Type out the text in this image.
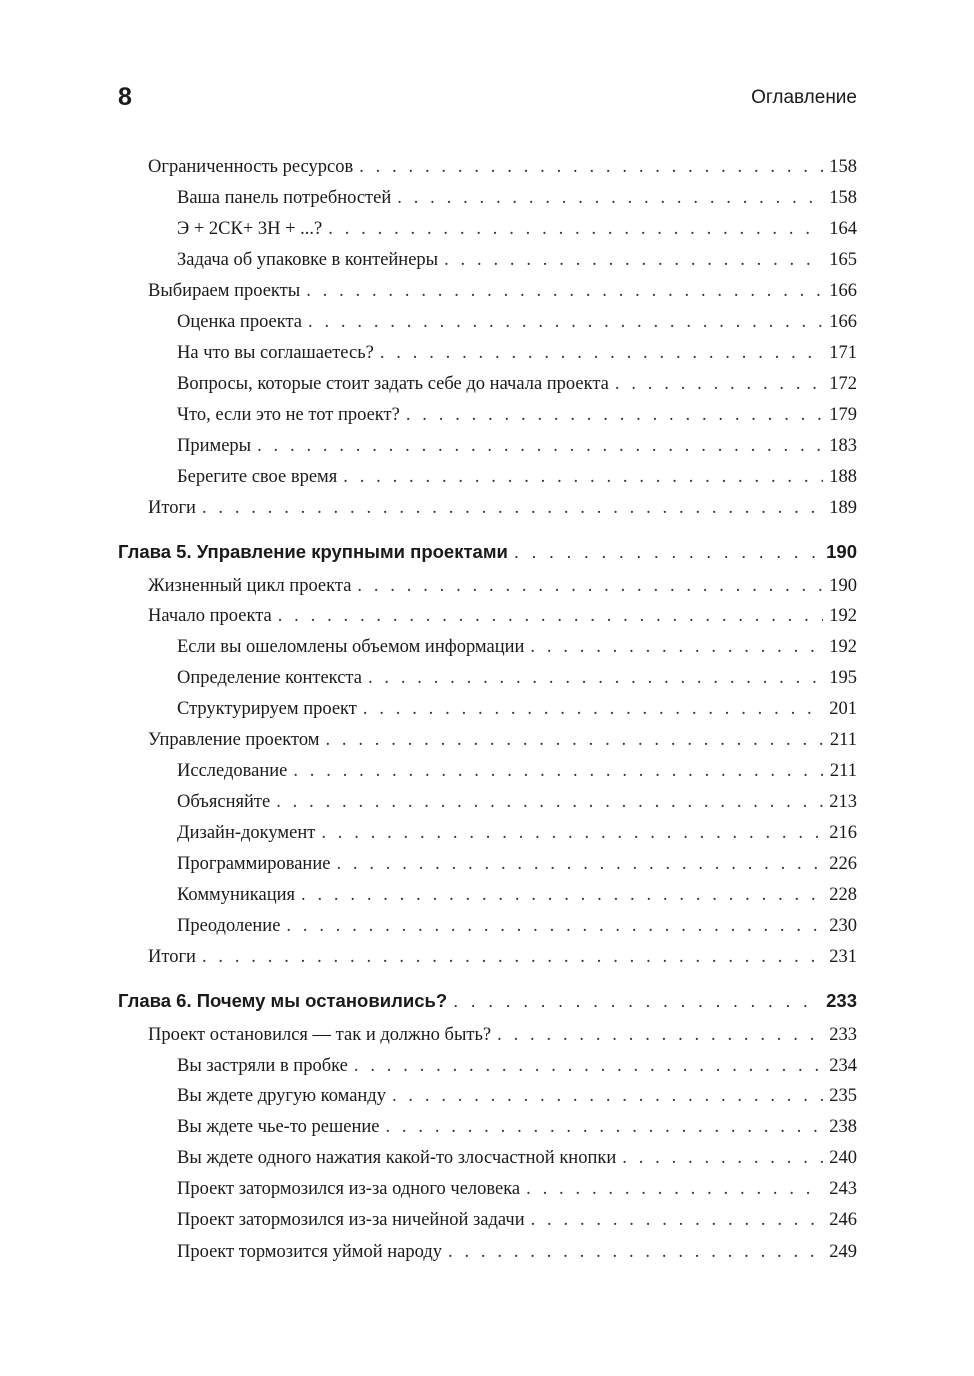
8	Оглавление
Ограниченность ресурсов . . .	158
Ваша панель потребностей . . .	158
Э + 2СК+ 3Н + ...? . . .	164
Задача об упаковке в контейнеры . . .	165
Выбираем проекты . . .	166
Оценка проекта . . .	166
На что вы соглашаетесь? . . .	171
Вопросы, которые стоит задать себе до начала проекта . . .	172
Что, если это не тот проект? . . .	179
Примеры . . .	183
Берегите свое время . . .	188
Итоги . . .	189
Глава 5. Управление крупными проектами . . .	190
Жизненный цикл проекта . . .	190
Начало проекта . . .	192
Если вы ошеломлены объемом информации . . .	192
Определение контекста . . .	195
Структурируем проект . . .	201
Управление проектом . . .	211
Исследование . . .	211
Объясняйте . . .	213
Дизайн-документ . . .	216
Программирование . . .	226
Коммуникация . . .	228
Преодоление . . .	230
Итоги . . .	231
Глава 6. Почему мы остановились? . . .	233
Проект остановился — так и должно быть? . . .	233
Вы застряли в пробке . . .	234
Вы ждете другую команду . . .	235
Вы ждете чье-то решение . . .	238
Вы ждете одного нажатия какой-то злосчастной кнопки . . .	240
Проект затормозился из-за одного человека . . .	243
Проект затормозился из-за ничейной задачи . . .	246
Проект тормозится уймой народу . . .	249
